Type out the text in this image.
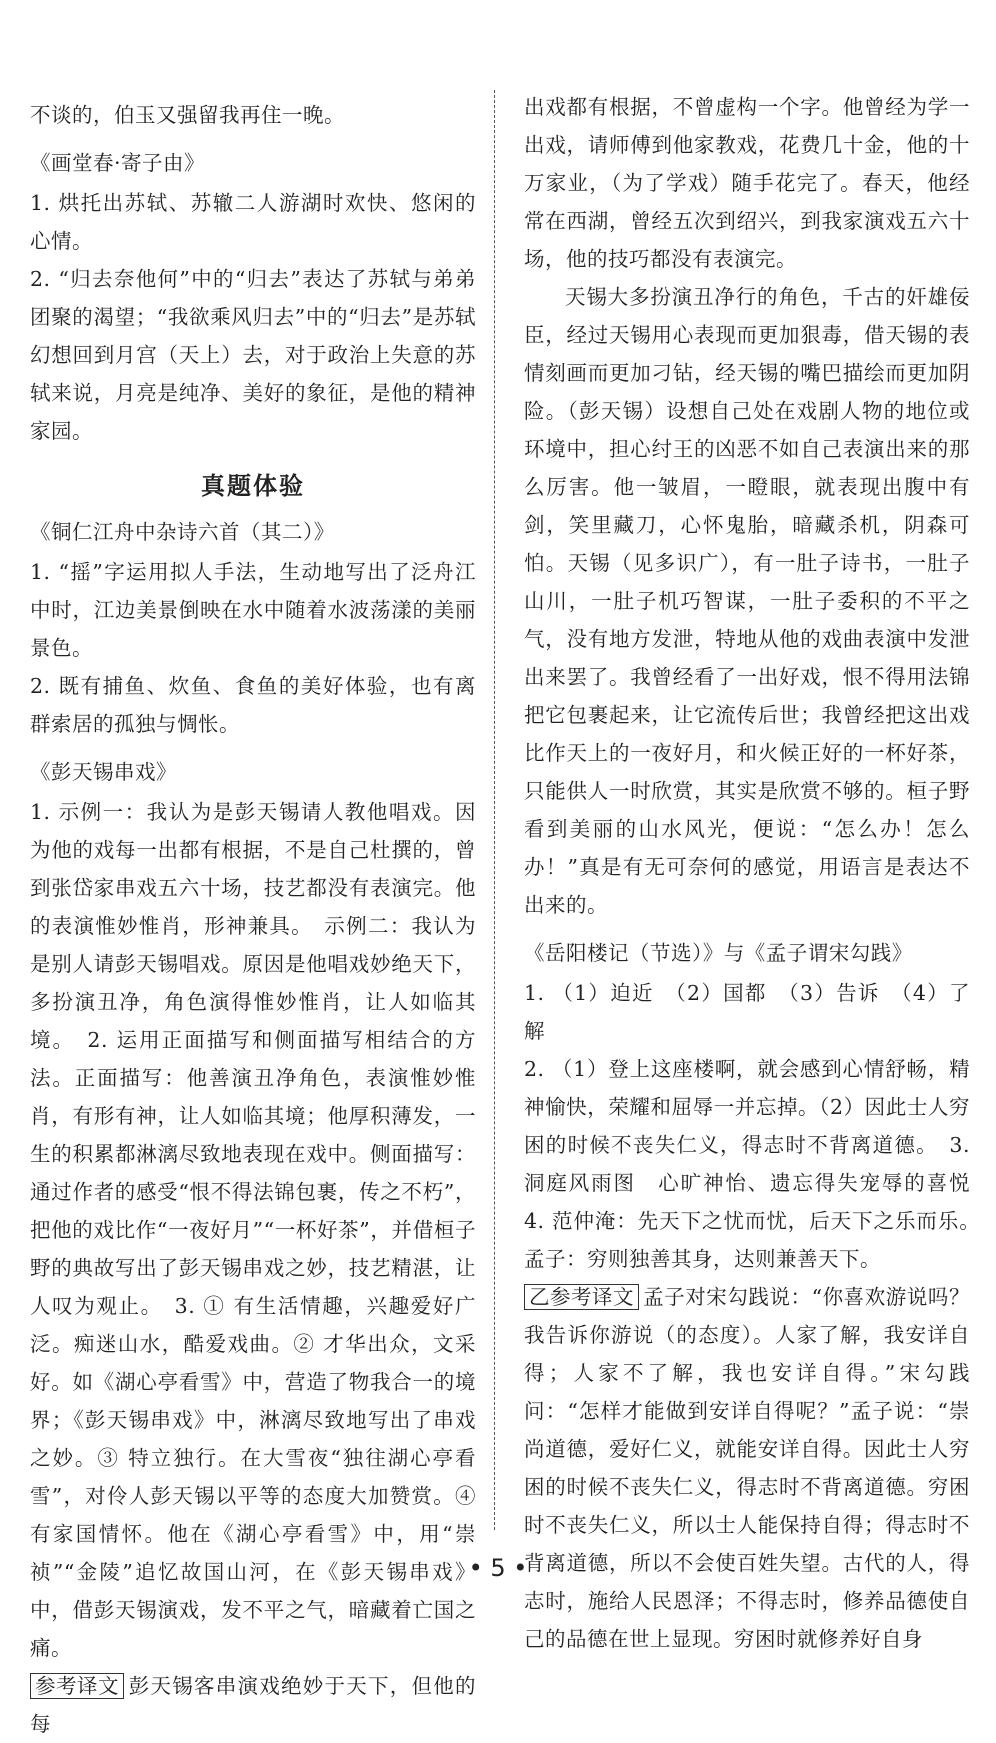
不谈的，伯玉又强留我再住一晚。

《画堂春·寄子由》

1. 烘托出苏轼、苏辙二人游湖时欢快、悠闲的心情。

2. “归去奈他何”中的“归去”表达了苏轼与弟弟团聚的渴望；“我欲乘风归去”中的“归去”是苏轼幻想回到月宫（天上）去，对于政治上失意的苏轼来说，月亮是纯净、美好的象征，是他的精神家园。

真题体验

《铜仁江舟中杂诗六首（其二）》

1. “摇”字运用拟人手法，生动地写出了泛舟江中时，江边美景倒映在水中随着水波荡漾的美丽景色。

2. 既有捕鱼、炊鱼、食鱼的美好体验，也有离群索居的孤独与惆怅。

《彭天锡串戏》

1. 示例一：我认为是彭天锡请人教他唱戏。因为他的戏每一出都有根据，不是自己杜撰的，曾到张岱家串戏五六十场，技艺都没有表演完。他的表演惟妙惟肖，形神兼具。　示例二：我认为是别人请彭天锡唱戏。原因是他唱戏妙绝天下，多扮演丑净，角色演得惟妙惟肖，让人如临其境。　2. 运用正面描写和侧面描写相结合的方法。正面描写：他善演丑净角色，表演惟妙惟肖，有形有神，让人如临其境；他厚积薄发，一生的积累都淋漓尽致地表现在戏中。侧面描写：通过作者的感受“恨不得法锦包裹，传之不朽”，把他的戏比作“一夜好月”“一杯好茶”，并借桓子野的典故写出了彭天锡串戏之妙，技艺精湛，让人叹为观止。　3. ① 有生活情趣，兴趣爱好广泛。痴迷山水，酷爱戏曲。② 才华出众，文采好。如《湖心亭看雪》中，营造了物我合一的境界；《彭天锡串戏》中，淋漓尽致地写出了串戏之妙。③ 特立独行。在大雪夜“独往湖心亭看雪”，对伶人彭天锡以平等的态度大加赞赏。④ 有家国情怀。他在《湖心亭看雪》中，用“崇祯”“金陵”追忆故国山河，在《彭天锡串戏》中，借彭天锡演戏，发不平之气，暗藏着亡国之痛。

参考译文 彭天锡客串演戏绝妙于天下，但他的每

出戏都有根据，不曾虚构一个字。他曾经为学一出戏，请师傅到他家教戏，花费几十金，他的十万家业，（为了学戏）随手花完了。春天，他经常在西湖，曾经五次到绍兴，到我家演戏五六十场，他的技巧都没有表演完。

天锡大多扮演丑净行的角色，千古的奸雄佞臣，经过天锡用心表现而更加狠毒，借天锡的表情刻画而更加刁钻，经天锡的嘴巴描绘而更加阴险。（彭天锡）设想自己处在戏剧人物的地位或环境中，担心纣王的凶恶不如自己表演出来的那么厉害。他一皱眉，一瞪眼，就表现出腹中有剑，笑里藏刀，心怀鬼胎，暗藏杀机，阴森可怕。天锡（见多识广），有一肚子诗书，一肚子山川，一肚子机巧智谋，一肚子委积的不平之气，没有地方发泄，特地从他的戏曲表演中发泄出来罢了。我曾经看了一出好戏，恨不得用法锦把它包裹起来，让它流传后世；我曾经把这出戏比作天上的一夜好月，和火候正好的一杯好茶，只能供人一时欣赏，其实是欣赏不够的。桓子野看到美丽的山水风光，便说：“怎么办！怎么办！”真是有无可奈何的感觉，用语言是表达不出来的。

《岳阳楼记（节选）》与《孟子谓宋勾践》

1. （1）迫近　（2）国都　（3）告诉　（4）了解

2. （1）登上这座楼啊，就会感到心情舒畅，精神愉快，荣耀和屈辱一并忘掉。（2）因此士人穷困的时候不丧失仁义，得志时不背离道德。　3. 洞庭风雨图　心旷神怡、遗忘得失宠辱的喜悦　4. 范仲淹：先天下之忧而忧，后天下之乐而乐。　孟子：穷则独善其身，达则兼善天下。

乙参考译文 孟子对宋勾践说：“你喜欢游说吗？我告诉你游说（的态度）。人家了解，我安详自得；人家不了解，我也安详自得。”宋勾践问：“怎样才能做到安详自得呢？”孟子说：“崇尚道德，爱好仁义，就能安详自得。因此士人穷困的时候不丧失仁义，得志时不背离道德。穷困时不丧失仁义，所以士人能保持自得；得志时不背离道德，所以不会使百姓失望。古代的人，得志时，施给人民恩泽；不得志时，修养品德使自己的品德在世上显现。穷困时就修养好自身

• 5 •
